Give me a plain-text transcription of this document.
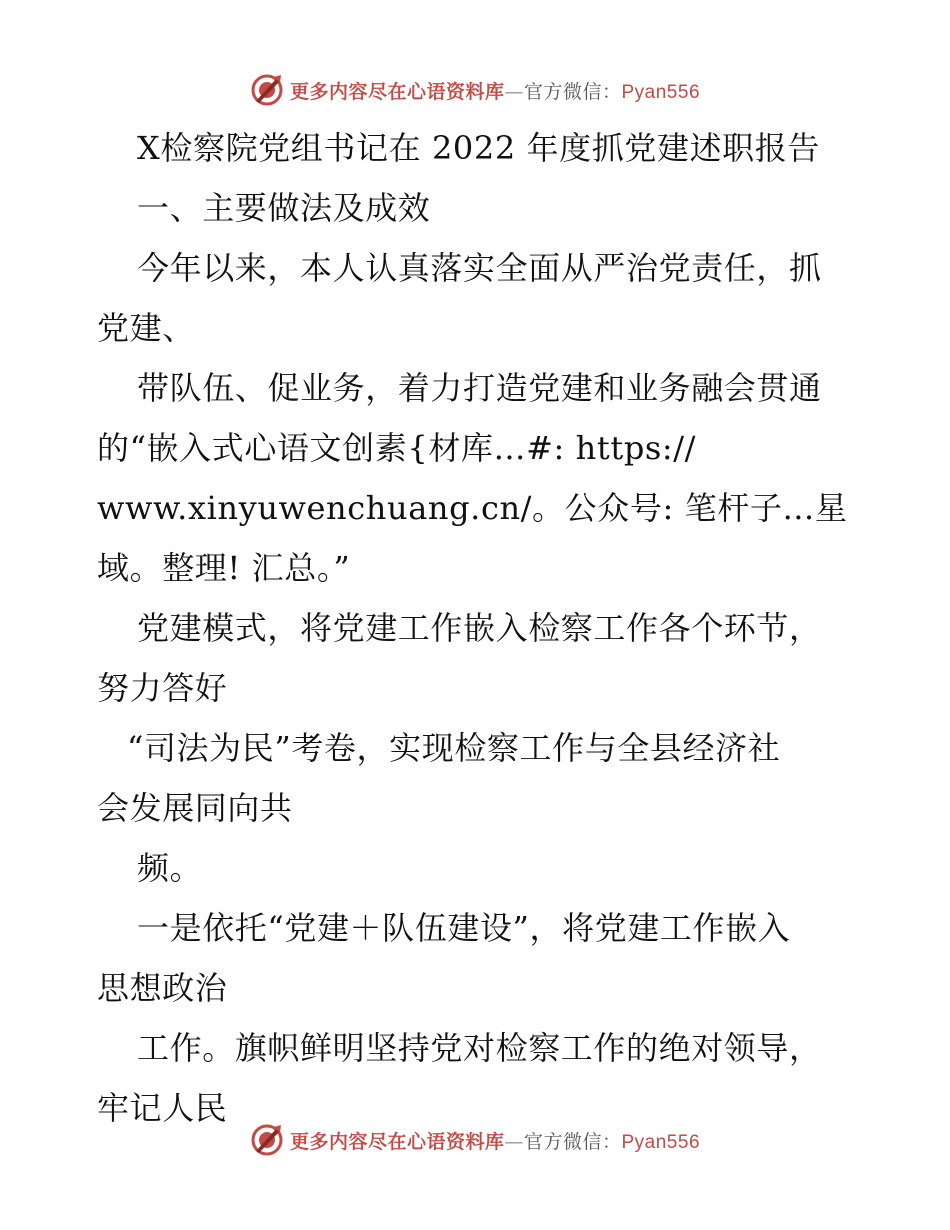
更多内容尽在心语资料库—官方微信：Pyan556
X检察院党组书记在 2022 年度抓党建述职报告
一、主要做法及成效
今年以来，本人认真落实全面从严治党责任，抓
党建、
带队伍、促业务，着力打造党建和业务融会贯通
的“嵌入式心语文创素{材库…#: https://
www.xinyuwenchuang.cn/。公众号: 笔杆子…星
域。整理! 汇总。”
党建模式，将党建工作嵌入检察工作各个环节，
努力答好
“司法为民”考卷，实现检察工作与全县经济社
会发展同向共
频。
一是依托“党建＋队伍建设”，将党建工作嵌入
思想政治
工作。旗帜鲜明坚持党对检察工作的绝对领导，
牢记人民
更多内容尽在心语资料库—官方微信：Pyan556
